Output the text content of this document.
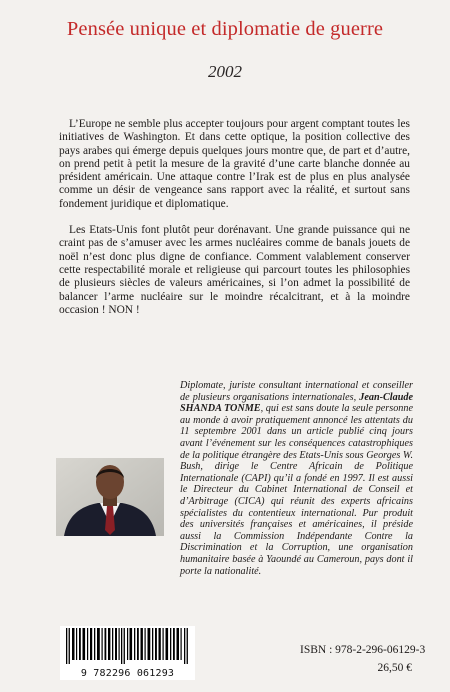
Pensée unique et diplomatie de guerre
2002

L’Europe ne semble plus accepter toujours pour argent comptant toutes les initiatives de Washington. Et dans cette optique, la position collective des pays arabes qui émerge depuis quelques jours montre que, de part et d’autre, on prend petit à petit la mesure de la gravité d’une carte blanche donnée au président américain. Une attaque contre l’Irak est de plus en plus analysée comme un désir de vengeance sans rapport avec la réalité, et surtout sans fondement juridique et diplomatique.

Les Etats-Unis font plutôt peur dorénavant. Une grande puissance qui ne craint pas de s’amuser avec les armes nucléaires comme de banals jouets de noël n’est donc plus digne de confiance. Comment valablement conserver cette respectabilité morale et religieuse qui parcourt toutes les philosophies de plusieurs siècles de valeurs américaines, si l’on admet la possibilité de balancer l’arme nucléaire sur le moindre récalcitrant, et à la moindre occasion ! NON !

Diplomate, juriste consultant international et conseiller de plusieurs organisations internationales, Jean-Claude SHANDA TONME, qui est sans doute la seule personne au monde à avoir pratiquement annoncé les attentats du 11 septembre 2001 dans un article publié cinq jours avant l’événement sur les conséquences catastrophiques de la politique étrangère des Etats-Unis sous Georges W. Bush, dirige le Centre Africain de Politique Internationale (CAPI) qu’il a fondé en 1997. Il est aussi le Directeur du Cabinet International de Conseil et d’Arbitrage (CICA) qui réunit des experts africains spécialistes du contentieux international. Pur produit des universités françaises et américaines, il préside aussi la Commission Indépendante Contre la Discrimination et la Corruption, une organisation humanitaire basée à Yaoundé au Cameroun, pays dont il porte la nationalité.

9 782296 061293
ISBN : 978-2-296-06129-3
26,50 €
